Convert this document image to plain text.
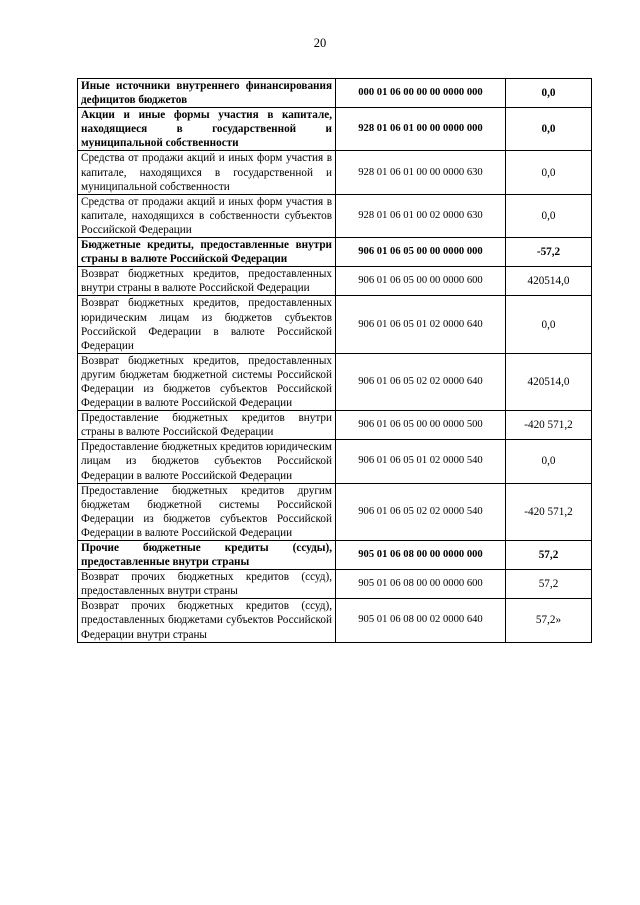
20
Иные источники внутреннего финансирования дефицитов бюджетов	000 01 06 00 00 00 0000 000	0,0
Акции и иные формы участия в капитале, находящиеся в государственной и муниципальной собственности	928 01 06 01 00 00 0000 000	0,0
Средства от продажи акций и иных форм участия в капитале, находящихся в государственной и муниципальной собственности	928 01 06 01 00 00 0000 630	0,0
Средства от продажи акций и иных форм участия в капитале, находящихся в собственности субъектов Российской Федерации	928 01 06 01 00 02 0000 630	0,0
Бюджетные кредиты, предоставленные внутри страны в валюте Российской Федерации	906 01 06 05 00 00 0000 000	-57,2
Возврат бюджетных кредитов, предоставленных внутри страны в валюте Российской Федерации	906 01 06 05 00 00 0000 600	420514,0
Возврат бюджетных кредитов, предоставленных юридическим лицам из бюджетов субъектов Российской Федерации в валюте Российской Федерации	906 01 06 05 01 02 0000 640	0,0
Возврат бюджетных кредитов, предоставленных другим бюджетам бюджетной системы Российской Федерации из бюджетов субъектов Российской Федерации в валюте Российской Федерации	906 01 06 05 02 02 0000 640	420514,0
Предоставление бюджетных кредитов внутри страны в валюте Российской Федерации	906 01 06 05 00 00 0000 500	-420 571,2
Предоставление бюджетных кредитов юридическим лицам из бюджетов субъектов Российской Федерации в валюте Российской Федерации	906 01 06 05 01 02 0000 540	0,0
Предоставление бюджетных кредитов другим бюджетам бюджетной системы Российской Федерации из бюджетов субъектов Российской Федерации в валюте Российской Федерации	906 01 06 05 02 02 0000 540	-420 571,2
Прочие бюджетные кредиты (ссуды), предоставленные внутри страны	905 01 06 08 00 00 0000 000	57,2
Возврат прочих бюджетных кредитов (ссуд), предоставленных внутри страны	905 01 06 08 00 00 0000 600	57,2
Возврат прочих бюджетных кредитов (ссуд), предоставленных бюджетами субъектов Российской Федерации внутри страны	905 01 06 08 00 02 0000 640	57,2»
